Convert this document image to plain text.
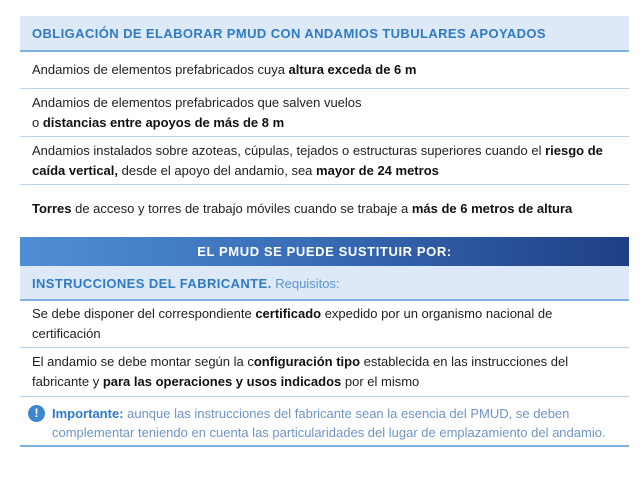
OBLIGACIÓN DE ELABORAR PMUD CON ANDAMIOS TUBULARES APOYADOS
Andamios de elementos prefabricados cuya altura exceda de 6 m
Andamios de elementos prefabricados que salven vuelos
o distancias entre apoyos de más de 8 m
Andamios instalados sobre azoteas, cúpulas, tejados o estructuras superiores cuando el riesgo de caída vertical, desde el apoyo del andamio, sea mayor de 24 metros
Torres de acceso y torres de trabajo móviles cuando se trabaje a más de 6 metros de altura
EL PMUD SE PUEDE SUSTITUIR POR:
INSTRUCCIONES DEL FABRICANTE. Requisitos:
Se debe disponer del correspondiente certificado expedido por un organismo nacional de certificación
El andamio se debe montar según la configuración tipo establecida en las instrucciones del fabricante y para las operaciones y usos indicados por el mismo
!	Importante: aunque las instrucciones del fabricante sean la esencia del PMUD, se deben complementar teniendo en cuenta las particularidades del lugar de emplazamiento del andamio.
